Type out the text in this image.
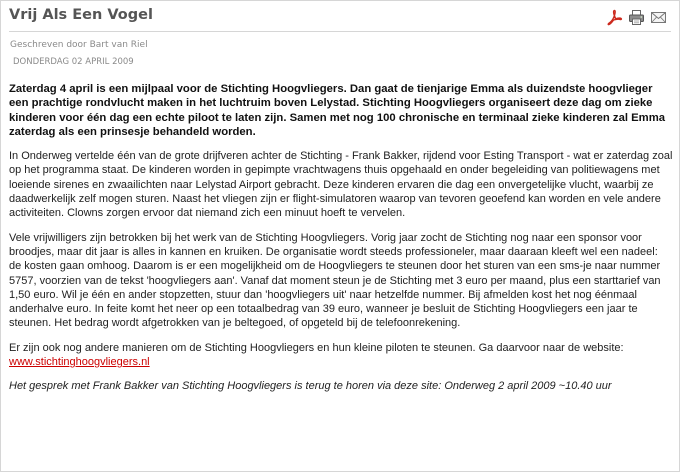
Vrij Als Een Vogel
Geschreven door Bart van Riel
DONDERDAG 02 APRIL 2009

Zaterdag 4 april is een mijlpaal voor de Stichting Hoogvliegers. Dan gaat de tienjarige Emma als duizendste hoogvlieger een prachtige rondvlucht maken in het luchtruim boven Lelystad. Stichting Hoogvliegers organiseert deze dag om zieke kinderen voor één dag een echte piloot te laten zijn. Samen met nog 100 chronische en terminaal zieke kinderen zal Emma zaterdag als een prinsesje behandeld worden.

In Onderweg vertelde één van de grote drijfveren achter de Stichting - Frank Bakker, rijdend voor Esting Transport - wat er zaterdag zoal op het programma staat. De kinderen worden in gepimpte vrachtwagens thuis opgehaald en onder begeleiding van politiewagens met loeiende sirenes en zwaailichten naar Lelystad Airport gebracht. Deze kinderen ervaren die dag een onvergetelijke vlucht, waarbij ze daadwerkelijk zelf mogen sturen. Naast het vliegen zijn er flight-simulatoren waarop van tevoren geoefend kan worden en vele andere activiteiten. Clowns zorgen ervoor dat niemand zich een minuut hoeft te vervelen.

Vele vrijwilligers zijn betrokken bij het werk van de Stichting Hoogvliegers. Vorig jaar zocht de Stichting nog naar een sponsor voor broodjes, maar dit jaar is alles in kannen en kruiken. De organisatie wordt steeds professioneler, maar daaraan kleeft wel een nadeel: de kosten gaan omhoog. Daarom is er een mogelijkheid om de Hoogvliegers te steunen door het sturen van een sms-je naar nummer 5757, voorzien van de tekst 'hoogvliegers aan'. Vanaf dat moment steun je de Stichting met 3 euro per maand, plus een starttarief van 1,50 euro. Wil je één en ander stopzetten, stuur dan 'hoogvliegers uit' naar hetzelfde nummer. Bij afmelden kost het nog éénmaal anderhalve euro. In feite komt het neer op een totaalbedrag van 39 euro, wanneer je besluit de Stichting Hoogvliegers een jaar te steunen. Het bedrag wordt afgetrokken van je beltegoed, of opgeteld bij de telefoonrekening.

Er zijn ook nog andere manieren om de Stichting Hoogvliegers en hun kleine piloten te steunen. Ga daarvoor naar de website: www.stichtinghoogvliegers.nl

Het gesprek met Frank Bakker van Stichting Hoogvliegers is terug te horen via deze site: Onderweg 2 april 2009 ~10.40 uur
